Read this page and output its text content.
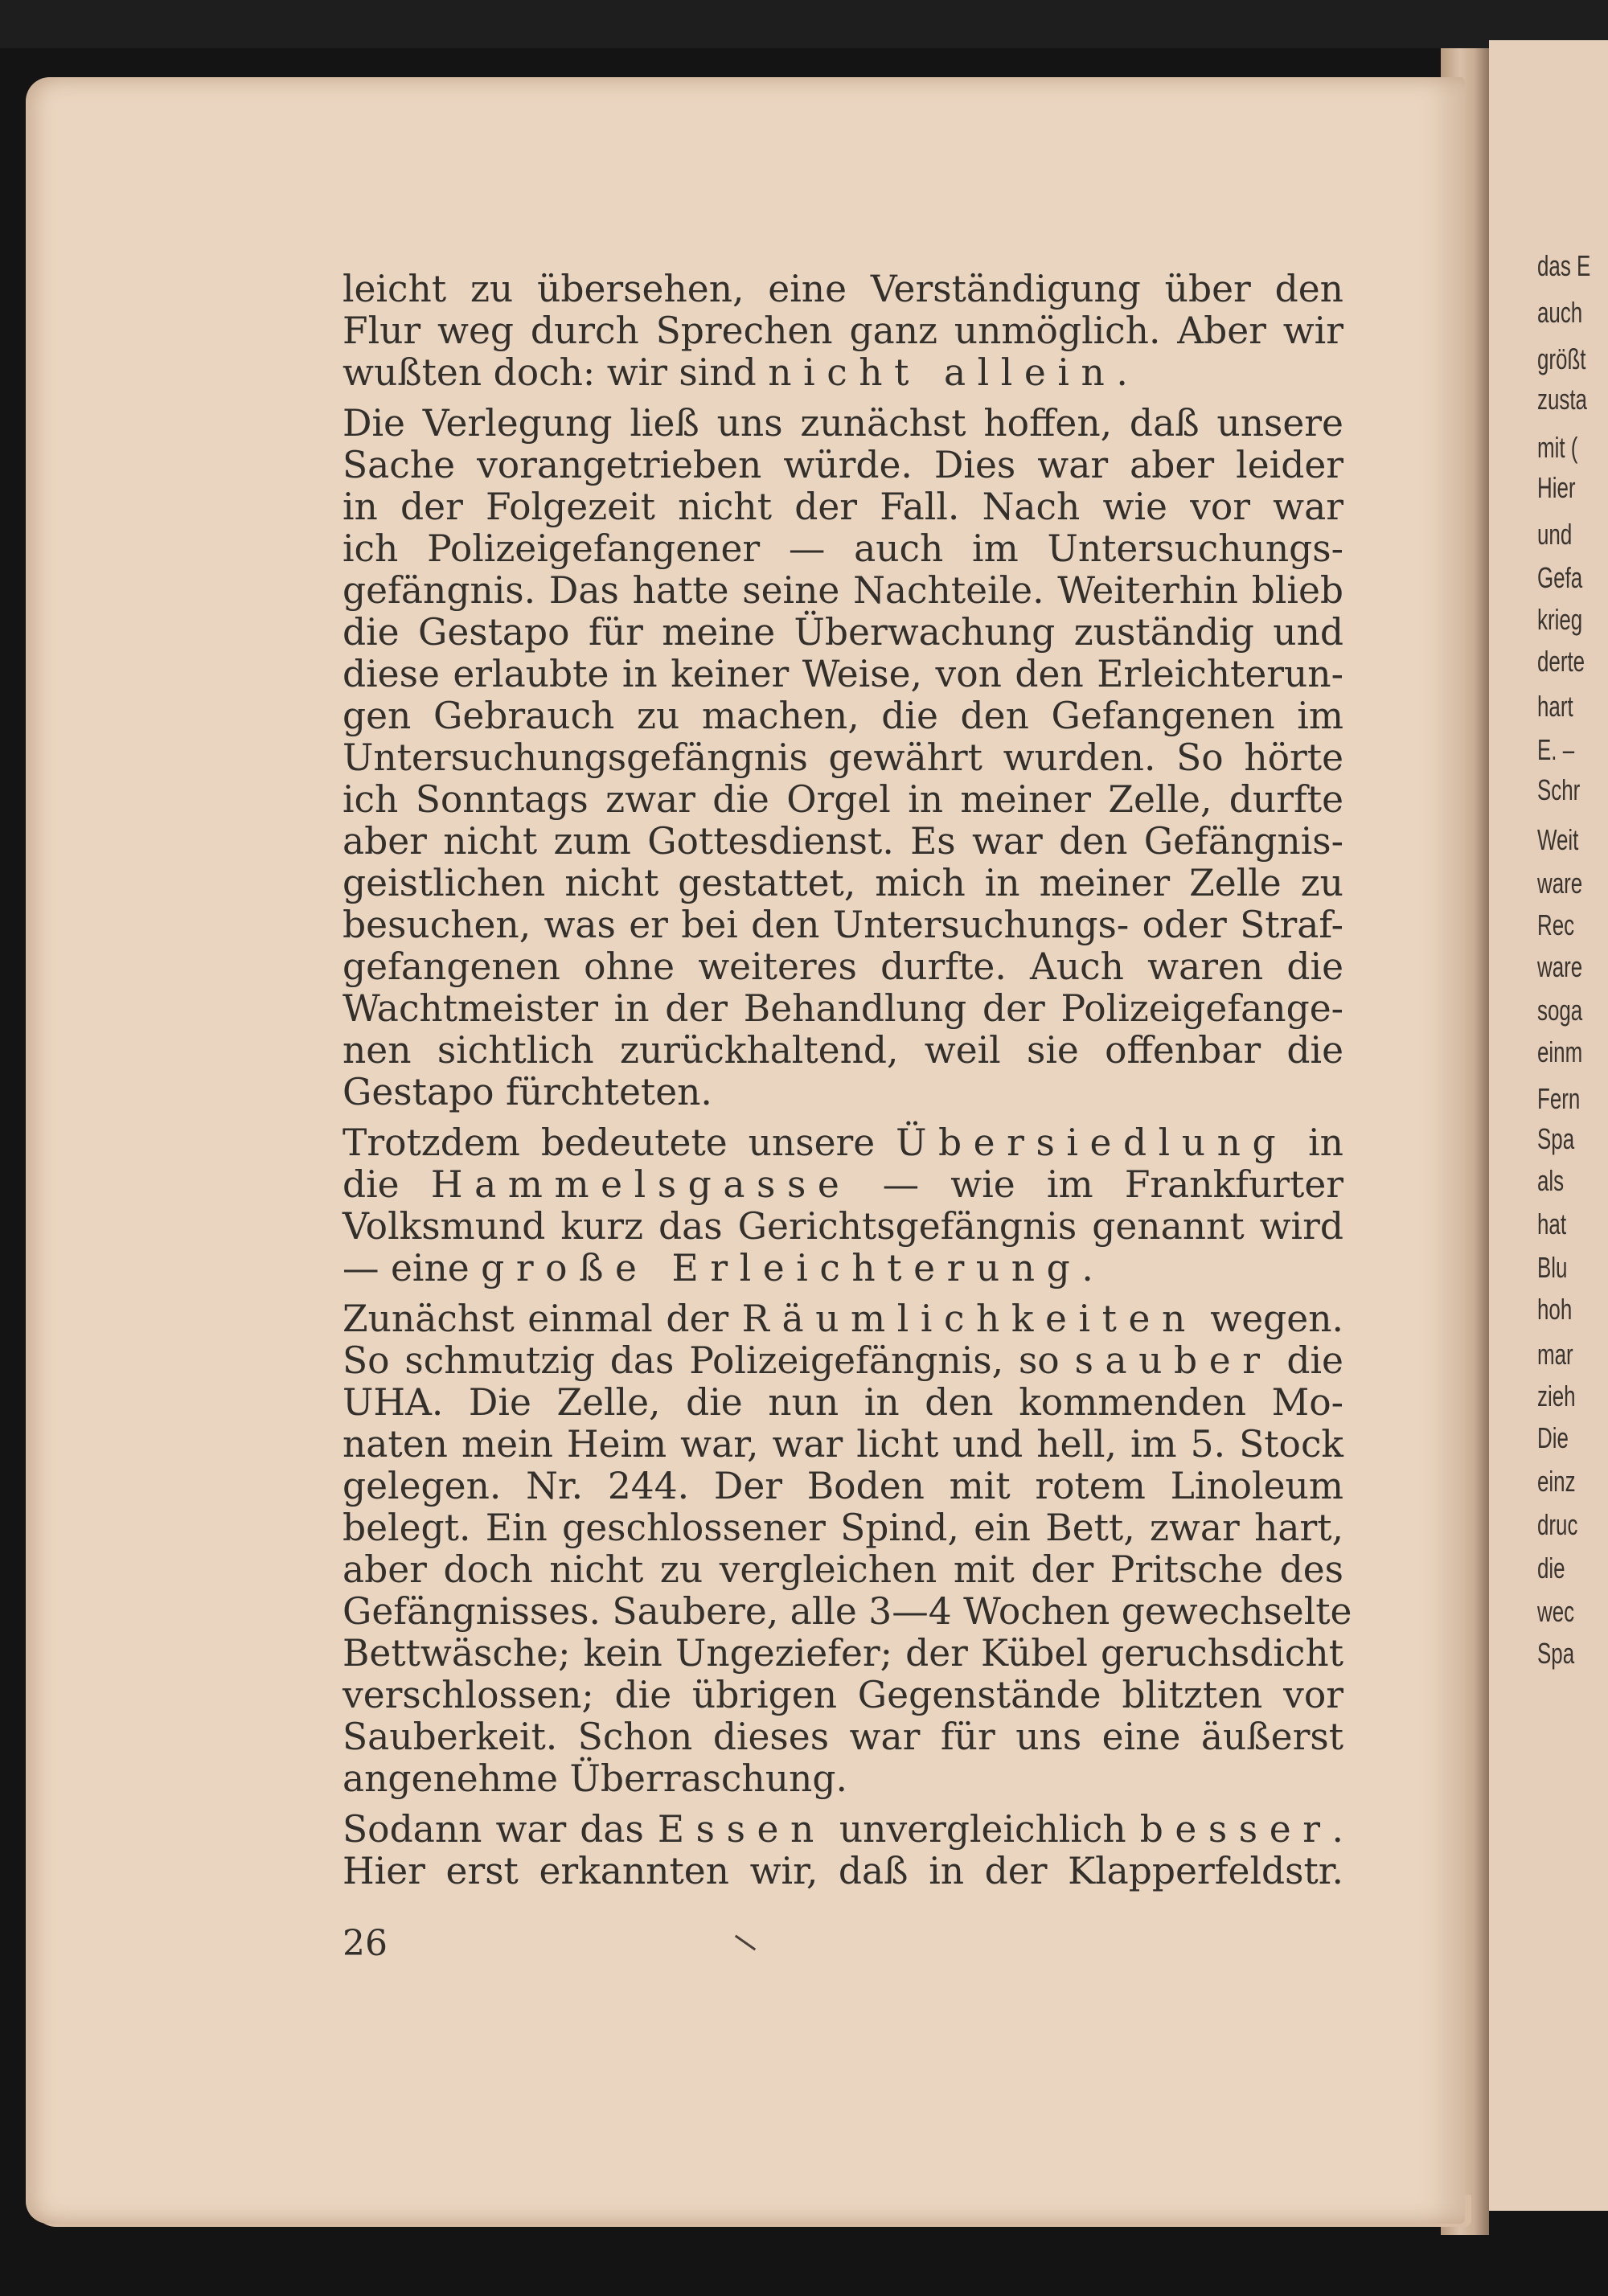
das E
auch
größt
zusta
mit (
Hier
und
Gefa
krieg
derte
hart
E. –
Schr
Weit
ware
Rec
ware
soga
einm
Fern
Spa
als
hat
Blu
hoh
mar
zieh
Die
einz
druc
die
wec
Spa
leicht zu übersehen, eine Verständigung über den
Flur weg durch Sprechen ganz unmöglich. Aber wir
wußten doch: wir sind nicht allein.
Die Verlegung ließ uns zunächst hoffen, daß unsere
Sache vorangetrieben würde. Dies war aber leider
in der Folgezeit nicht der Fall. Nach wie vor war
ich Polizeigefangener — auch im Untersuchungs-
gefängnis. Das hatte seine Nachteile. Weiterhin blieb
die Gestapo für meine Überwachung zuständig und
diese erlaubte in keiner Weise, von den Erleichterun-
gen Gebrauch zu machen, die den Gefangenen im
Untersuchungsgefängnis gewährt wurden. So hörte
ich Sonntags zwar die Orgel in meiner Zelle, durfte
aber nicht zum Gottesdienst. Es war den Gefängnis-
geistlichen nicht gestattet, mich in meiner Zelle zu
besuchen, was er bei den Untersuchungs- oder Straf-
gefangenen ohne weiteres durfte. Auch waren die
Wachtmeister in der Behandlung der Polizeigefange-
nen sichtlich zurückhaltend, weil sie offenbar die
Gestapo fürchteten.
Trotzdem bedeutete unsere Übersiedlung in
die Hammelsgasse — wie im Frankfurter
Volksmund kurz das Gerichtsgefängnis genannt wird
— eine große Erleichterung.
Zunächst einmal der Räumlichkeiten wegen.
So schmutzig das Polizeigefängnis, so sauber die
UHA. Die Zelle, die nun in den kommenden Mo-
naten mein Heim war, war licht und hell, im 5. Stock
gelegen. Nr. 244. Der Boden mit rotem Linoleum
belegt. Ein geschlossener Spind, ein Bett, zwar hart,
aber doch nicht zu vergleichen mit der Pritsche des
Gefängnisses. Saubere, alle 3—4 Wochen gewechselte
Bettwäsche; kein Ungeziefer; der Kübel geruchsdicht
verschlossen; die übrigen Gegenstände blitzten vor
Sauberkeit. Schon dieses war für uns eine äußerst
angenehme Überraschung.
Sodann war das Essen unvergleichlich besser.
Hier erst erkannten wir, daß in der Klapperfeldstr.
26
